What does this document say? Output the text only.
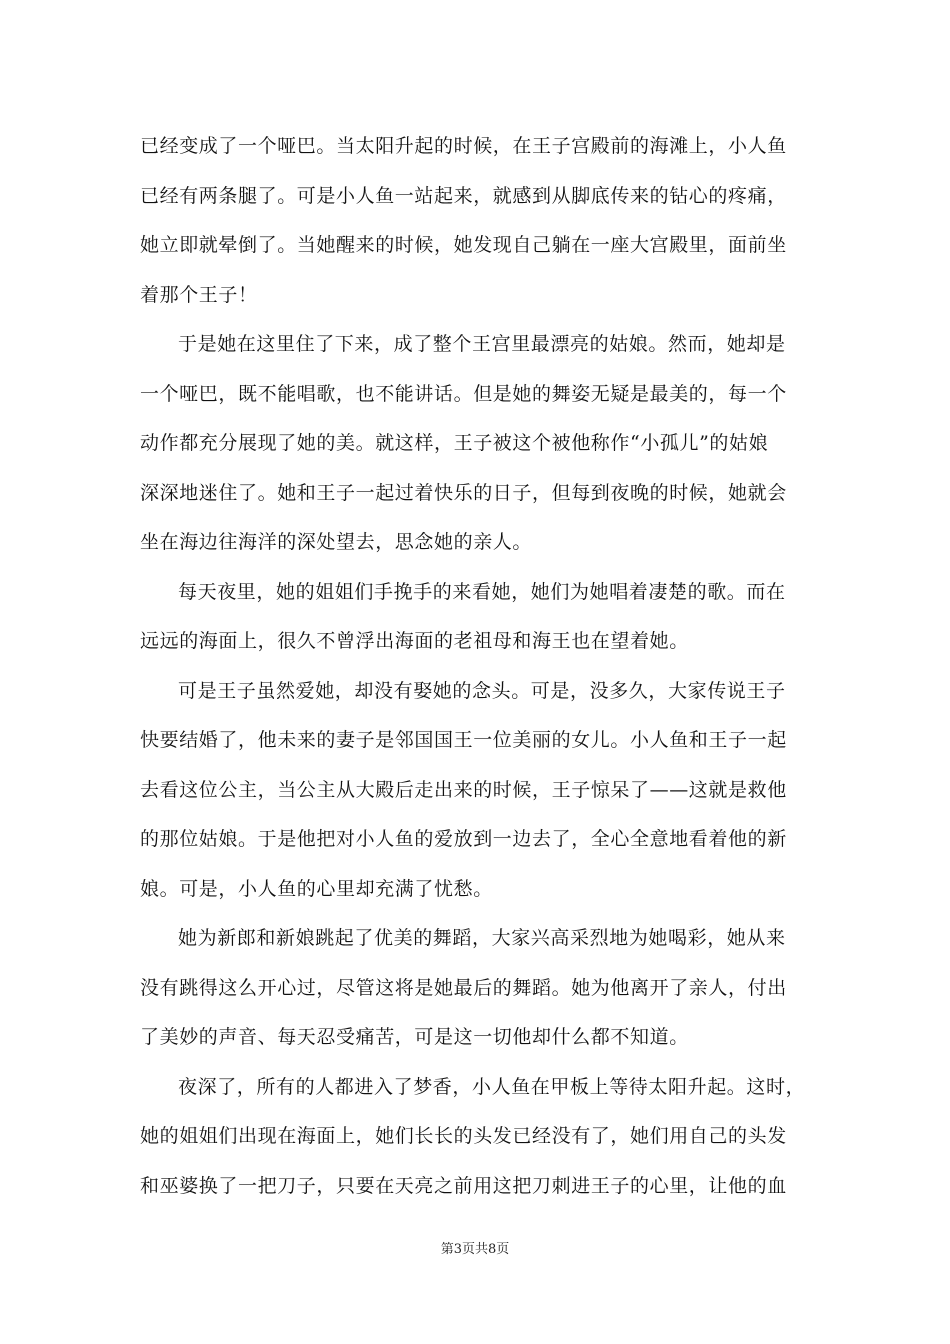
已经变成了一个哑巴。当太阳升起的时候，在王子宫殿前的海滩上，小人鱼
已经有两条腿了。可是小人鱼一站起来，就感到从脚底传来的钻心的疼痛，
她立即就晕倒了。当她醒来的时候，她发现自己躺在一座大宫殿里，面前坐
着那个王子！

于是她在这里住了下来，成了整个王宫里最漂亮的姑娘。然而，她却是
一个哑巴，既不能唱歌，也不能讲话。但是她的舞姿无疑是最美的，每一个
动作都充分展现了她的美。就这样，王子被这个被他称作“小孤儿”的姑娘
深深地迷住了。她和王子一起过着快乐的日子，但每到夜晚的时候，她就会
坐在海边往海洋的深处望去，思念她的亲人。

每天夜里，她的姐姐们手挽手的来看她，她们为她唱着凄楚的歌。而在
远远的海面上，很久不曾浮出海面的老祖母和海王也在望着她。

可是王子虽然爱她，却没有娶她的念头。可是，没多久，大家传说王子
快要结婚了，他未来的妻子是邻国国王一位美丽的女儿。小人鱼和王子一起
去看这位公主，当公主从大殿后走出来的时候，王子惊呆了——这就是救他
的那位姑娘。于是他把对小人鱼的爱放到一边去了，全心全意地看着他的新
娘。可是，小人鱼的心里却充满了忧愁。

她为新郎和新娘跳起了优美的舞蹈，大家兴高采烈地为她喝彩，她从来
没有跳得这么开心过，尽管这将是她最后的舞蹈。她为他离开了亲人，付出
了美妙的声音、每天忍受痛苦，可是这一切他却什么都不知道。

夜深了，所有的人都进入了梦香，小人鱼在甲板上等待太阳升起。这时，
她的姐姐们出现在海面上，她们长长的头发已经没有了，她们用自己的头发
和巫婆换了一把刀子，只要在天亮之前用这把刀刺进王子的心里，让他的血

第3页共8页
